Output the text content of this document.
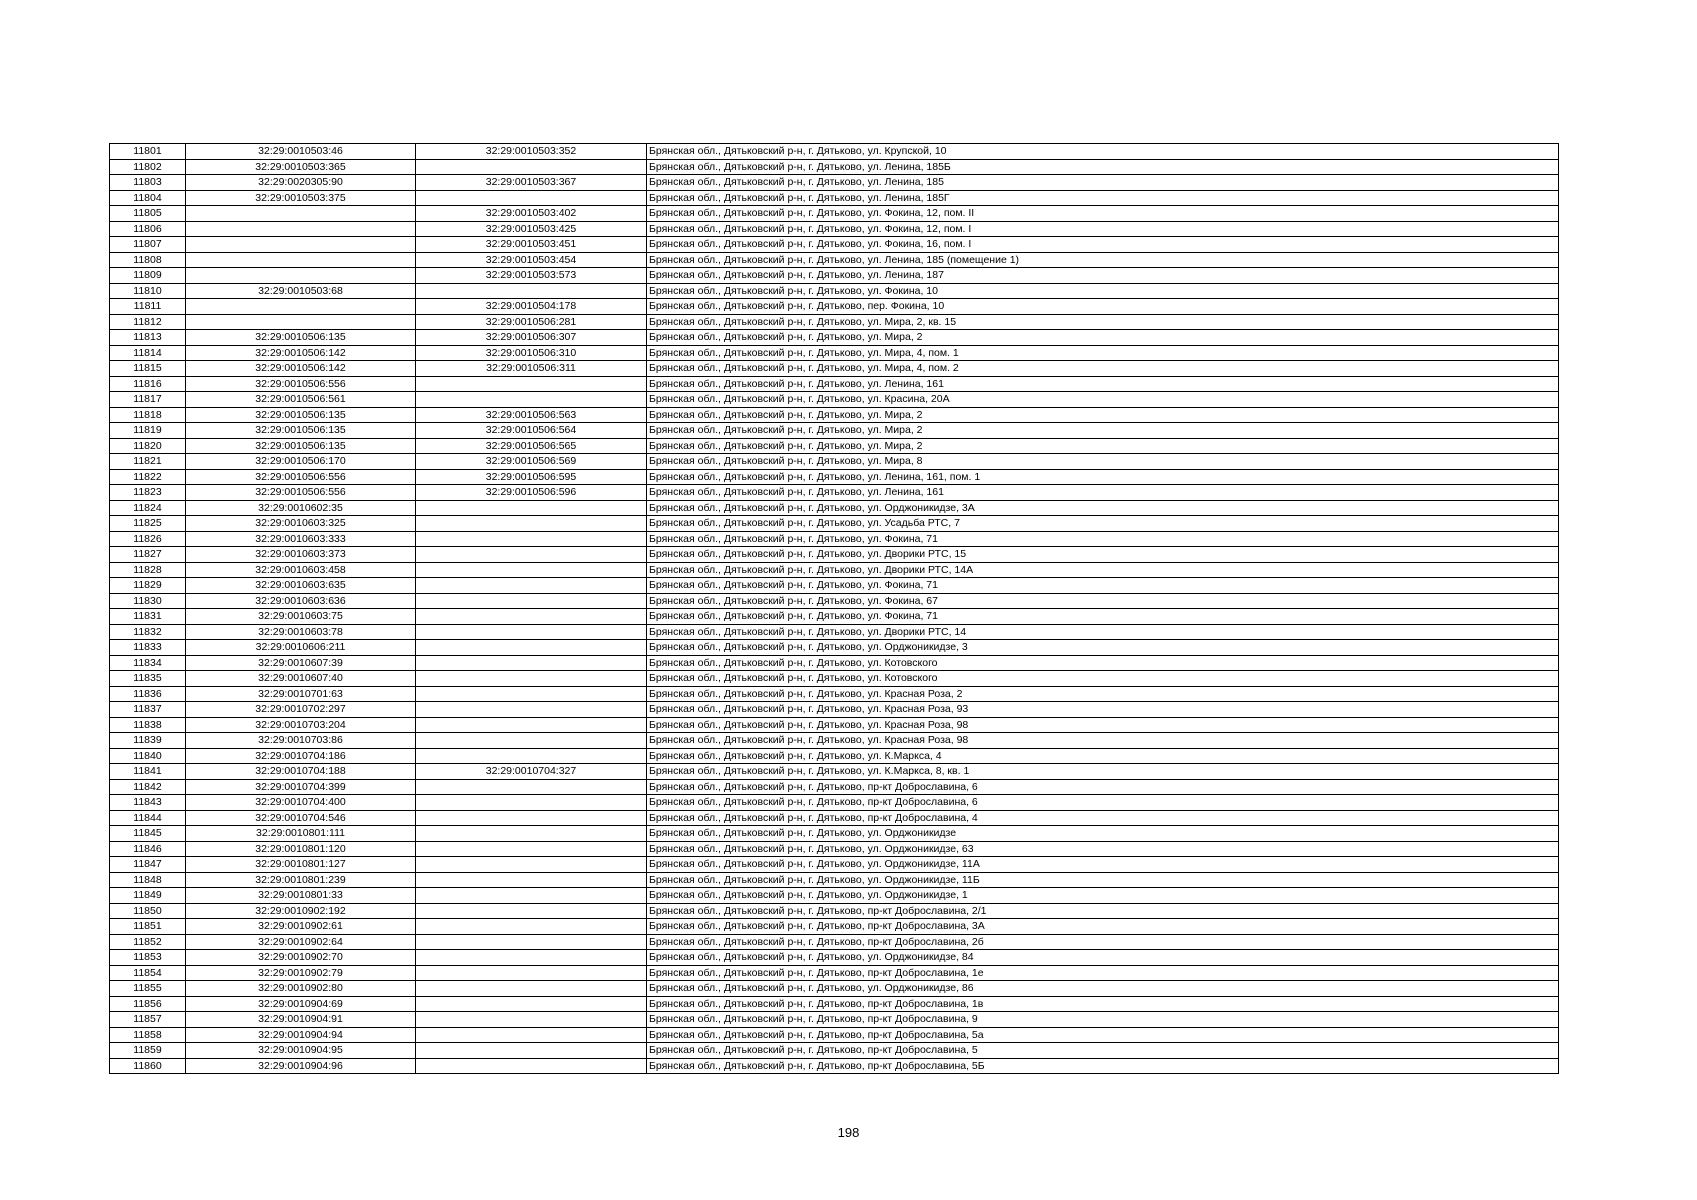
11801	32:29:0010503:46	32:29:0010503:352	Брянская обл., Дятьковский р-н, г. Дятьково, ул. Крупской, 10
11802	32:29:0010503:365		Брянская обл., Дятьковский р-н, г. Дятьково, ул. Ленина, 185Б
11803	32:29:0020305:90	32:29:0010503:367	Брянская обл., Дятьковский р-н, г. Дятьково, ул. Ленина, 185
11804	32:29:0010503:375		Брянская обл., Дятьковский р-н, г. Дятьково, ул. Ленина, 185Г
11805		32:29:0010503:402	Брянская обл., Дятьковский р-н, г. Дятьково, ул. Фокина, 12, пом. II
11806		32:29:0010503:425	Брянская обл., Дятьковский р-н, г. Дятьково, ул. Фокина, 12, пом. I
11807		32:29:0010503:451	Брянская обл., Дятьковский р-н, г. Дятьково, ул. Фокина, 16, пом. I
11808		32:29:0010503:454	Брянская обл., Дятьковский р-н, г. Дятьково, ул. Ленина, 185 (помещение 1)
11809		32:29:0010503:573	Брянская обл., Дятьковский р-н, г. Дятьково, ул. Ленина, 187
11810	32:29:0010503:68		Брянская обл., Дятьковский р-н, г. Дятьково, ул. Фокина, 10
11811		32:29:0010504:178	Брянская обл., Дятьковский р-н, г. Дятьково, пер. Фокина, 10
11812		32:29:0010506:281	Брянская обл., Дятьковский р-н, г. Дятьково, ул. Мира, 2, кв. 15
11813	32:29:0010506:135	32:29:0010506:307	Брянская обл., Дятьковский р-н, г. Дятьково, ул. Мира, 2
11814	32:29:0010506:142	32:29:0010506:310	Брянская обл., Дятьковский р-н, г. Дятьково, ул. Мира, 4, пом. 1
11815	32:29:0010506:142	32:29:0010506:311	Брянская обл., Дятьковский р-н, г. Дятьково, ул. Мира, 4, пом. 2
11816	32:29:0010506:556		Брянская обл., Дятьковский р-н, г. Дятьково, ул. Ленина, 161
11817	32:29:0010506:561		Брянская обл., Дятьковский р-н, г. Дятьково, ул. Красина, 20А
11818	32:29:0010506:135	32:29:0010506:563	Брянская обл., Дятьковский р-н, г. Дятьково, ул. Мира, 2
11819	32:29:0010506:135	32:29:0010506:564	Брянская обл., Дятьковский р-н, г. Дятьково, ул. Мира, 2
11820	32:29:0010506:135	32:29:0010506:565	Брянская обл., Дятьковский р-н, г. Дятьково, ул. Мира, 2
11821	32:29:0010506:170	32:29:0010506:569	Брянская обл., Дятьковский р-н, г. Дятьково, ул. Мира, 8
11822	32:29:0010506:556	32:29:0010506:595	Брянская обл., Дятьковский р-н, г. Дятьково, ул. Ленина, 161, пом. 1
11823	32:29:0010506:556	32:29:0010506:596	Брянская обл., Дятьковский р-н, г. Дятьково, ул. Ленина, 161
11824	32:29:0010602:35		Брянская обл., Дятьковский р-н, г. Дятьково, ул. Орджоникидзе, 3А
11825	32:29:0010603:325		Брянская обл., Дятьковский р-н, г. Дятьково, ул. Усадьба РТС, 7
11826	32:29:0010603:333		Брянская обл., Дятьковский р-н, г. Дятьково, ул. Фокина, 71
11827	32:29:0010603:373		Брянская обл., Дятьковский р-н, г. Дятьково, ул. Дворики РТС, 15
11828	32:29:0010603:458		Брянская обл., Дятьковский р-н, г. Дятьково, ул. Дворики РТС, 14А
11829	32:29:0010603:635		Брянская обл., Дятьковский р-н, г. Дятьково, ул. Фокина, 71
11830	32:29:0010603:636		Брянская обл., Дятьковский р-н, г. Дятьково, ул. Фокина, 67
11831	32:29:0010603:75		Брянская обл., Дятьковский р-н, г. Дятьково, ул. Фокина, 71
11832	32:29:0010603:78		Брянская обл., Дятьковский р-н, г. Дятьково, ул. Дворики РТС, 14
11833	32:29:0010606:211		Брянская обл., Дятьковский р-н, г. Дятьково, ул. Орджоникидзе, 3
11834	32:29:0010607:39		Брянская обл., Дятьковский р-н, г. Дятьково, ул. Котовского
11835	32:29:0010607:40		Брянская обл., Дятьковский р-н, г. Дятьково, ул. Котовского
11836	32:29:0010701:63		Брянская обл., Дятьковский р-н, г. Дятьково, ул. Красная Роза, 2
11837	32:29:0010702:297		Брянская обл., Дятьковский р-н, г. Дятьково, ул. Красная Роза, 93
11838	32:29:0010703:204		Брянская обл., Дятьковский р-н, г. Дятьково, ул. Красная Роза, 98
11839	32:29:0010703:86		Брянская обл., Дятьковский р-н, г. Дятьково, ул. Красная Роза, 98
11840	32:29:0010704:186		Брянская обл., Дятьковский р-н, г. Дятьково, ул. К.Маркса, 4
11841	32:29:0010704:188	32:29:0010704:327	Брянская обл., Дятьковский р-н, г. Дятьково, ул. К.Маркса, 8, кв. 1
11842	32:29:0010704:399		Брянская обл., Дятьковский р-н, г. Дятьково, пр-кт Доброславина, 6
11843	32:29:0010704:400		Брянская обл., Дятьковский р-н, г. Дятьково, пр-кт Доброславина, 6
11844	32:29:0010704:546		Брянская обл., Дятьковский р-н, г. Дятьково, пр-кт Доброславина, 4
11845	32:29:0010801:111		Брянская обл., Дятьковский р-н, г. Дятьково, ул. Орджоникидзе
11846	32:29:0010801:120		Брянская обл., Дятьковский р-н, г. Дятьково, ул. Орджоникидзе, 63
11847	32:29:0010801:127		Брянская обл., Дятьковский р-н, г. Дятьково, ул. Орджоникидзе, 11А
11848	32:29:0010801:239		Брянская обл., Дятьковский р-н, г. Дятьково, ул. Орджоникидзе, 11Б
11849	32:29:0010801:33		Брянская обл., Дятьковский р-н, г. Дятьково, ул. Орджоникидзе, 1
11850	32:29:0010902:192		Брянская обл., Дятьковский р-н, г. Дятьково, пр-кт Доброславина, 2/1
11851	32:29:0010902:61		Брянская обл., Дятьковский р-н, г. Дятьково, пр-кт Доброславина, 3А
11852	32:29:0010902:64		Брянская обл., Дятьковский р-н, г. Дятьково, пр-кт Доброславина, 2б
11853	32:29:0010902:70		Брянская обл., Дятьковский р-н, г. Дятьково, ул. Орджоникидзе, 84
11854	32:29:0010902:79		Брянская обл., Дятьковский р-н, г. Дятьково, пр-кт Доброславина, 1е
11855	32:29:0010902:80		Брянская обл., Дятьковский р-н, г. Дятьково, ул. Орджоникидзе, 86
11856	32:29:0010904:69		Брянская обл., Дятьковский р-н, г. Дятьково, пр-кт Доброславина, 1в
11857	32:29:0010904:91		Брянская обл., Дятьковский р-н, г. Дятьково, пр-кт Доброславина, 9
11858	32:29:0010904:94		Брянская обл., Дятьковский р-н, г. Дятьково, пр-кт Доброславина, 5а
11859	32:29:0010904:95		Брянская обл., Дятьковский р-н, г. Дятьково, пр-кт Доброславина, 5
11860	32:29:0010904:96		Брянская обл., Дятьковский р-н, г. Дятьково, пр-кт Доброславина, 5Б
198
